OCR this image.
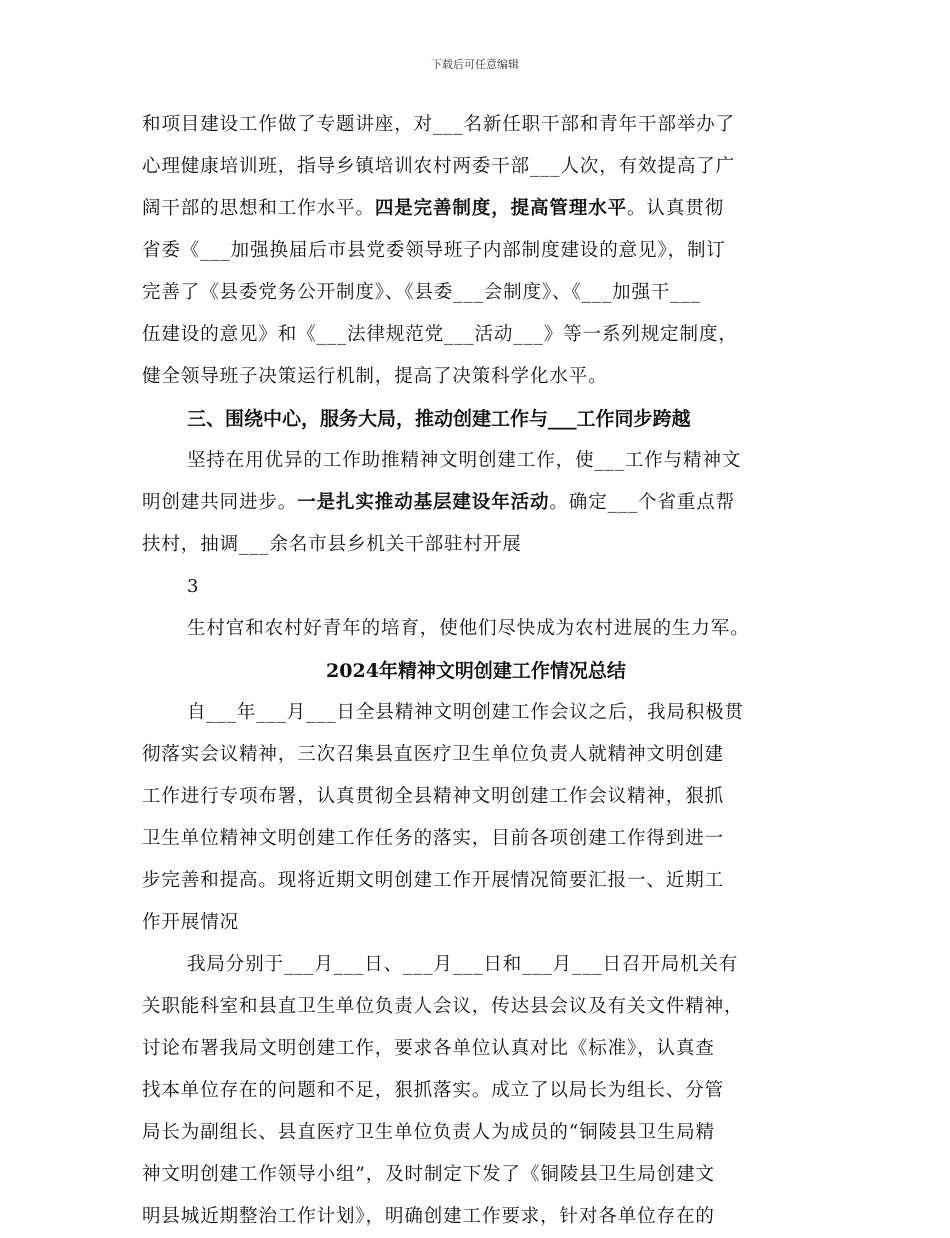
下载后可任意编辑
和项目建设工作做了专题讲座，对___名新任职干部和青年干部举办了
心理健康培训班，指导乡镇培训农村两委干部___人次，有效提高了广
阔干部的思想和工作水平。四是完善制度，提高管理水平。认真贯彻
省委《___加强换届后市县党委领导班子内部制度建设的意见》，制订
完善了《县委党务公开制度》、《县委___会制度》、《___加强干___
伍建设的意见》和《___法律规范党___活动___》等一系列规定制度，
健全领导班子决策运行机制，提高了决策科学化水平。
三、围绕中心，服务大局，推动创建工作与___工作同步跨越
坚持在用优异的工作助推精神文明创建工作，使___工作与精神文
明创建共同进步。一是扎实推动基层建设年活动。确定___个省重点帮
扶村，抽调___余名市县乡机关干部驻村开展
3
生村官和农村好青年的培育，使他们尽快成为农村进展的生力军。
2024年精神文明创建工作情况总结
自___年___月___日全县精神文明创建工作会议之后，我局积极贯
彻落实会议精神，三次召集县直医疗卫生单位负责人就精神文明创建
工作进行专项布署，认真贯彻全县精神文明创建工作会议精神，狠抓
卫生单位精神文明创建工作任务的落实，目前各项创建工作得到进一
步完善和提高。现将近期文明创建工作开展情况简要汇报一、近期工
作开展情况
我局分别于___月___日、___月___日和___月___日召开局机关有
关职能科室和县直卫生单位负责人会议，传达县会议及有关文件精神，
讨论布署我局文明创建工作，要求各单位认真对比《标准》，认真查
找本单位存在的问题和不足，狠抓落实。成立了以局长为组长、分管
局长为副组长、县直医疗卫生单位负责人为成员的“铜陵县卫生局精
神文明创建工作领导小组”，及时制定下发了《铜陵县卫生局创建文
明县城近期整治工作计划》，明确创建工作要求，针对各单位存在的
